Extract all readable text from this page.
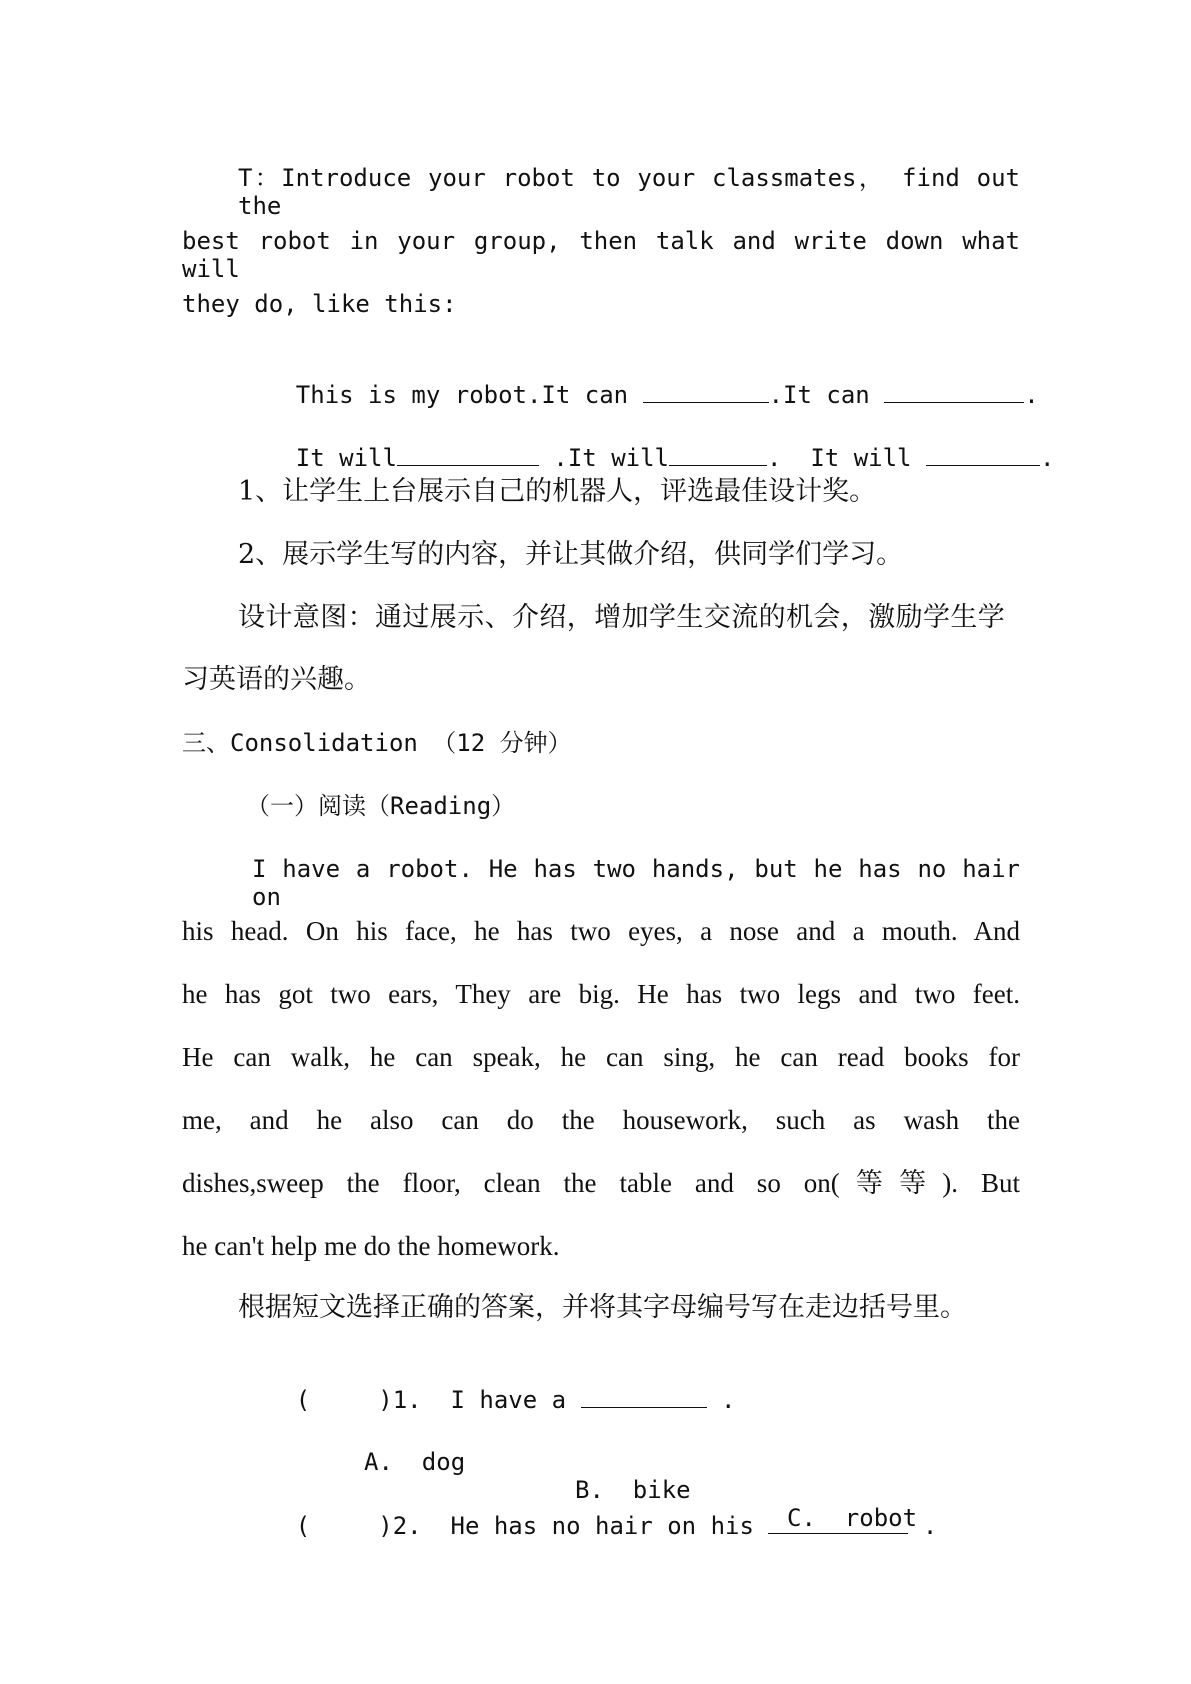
T：Introduce your robot to your classmates， find out the
best robot in your group, then talk and write down what will
they do, like this:

This is my robot.It can	.It can	.

It will	.It will	. It will	.

1、让学生上台展示自己的机器人，评选最佳设计奖。
2、展示学生写的内容，并让其做介绍，供同学们学习。
设计意图：通过展示、介绍，增加学生交流的机会，激励学生学
习英语的兴趣。
三、Consolidation （12 分钟）
（一）阅读（Reading）
I have a robot. He has two hands, but he has no hair on
his head. On his face, he has two eyes, a nose and a mouth. And
he has got two ears, They are big. He has two legs and two feet.
He can walk, he can speak, he can sing, he can read books for
me, and he also can do the housework, such as wash the
dishes,sweep the floor, clean the table and so on(等等). But
he can't help me do the homework.
根据短文选择正确的答案，并将其字母编号写在走边括号里。

(	)1.  I have a	.

A.  dog

B.  bike

C.  robot

(	)2.  He has no hair on his	.
